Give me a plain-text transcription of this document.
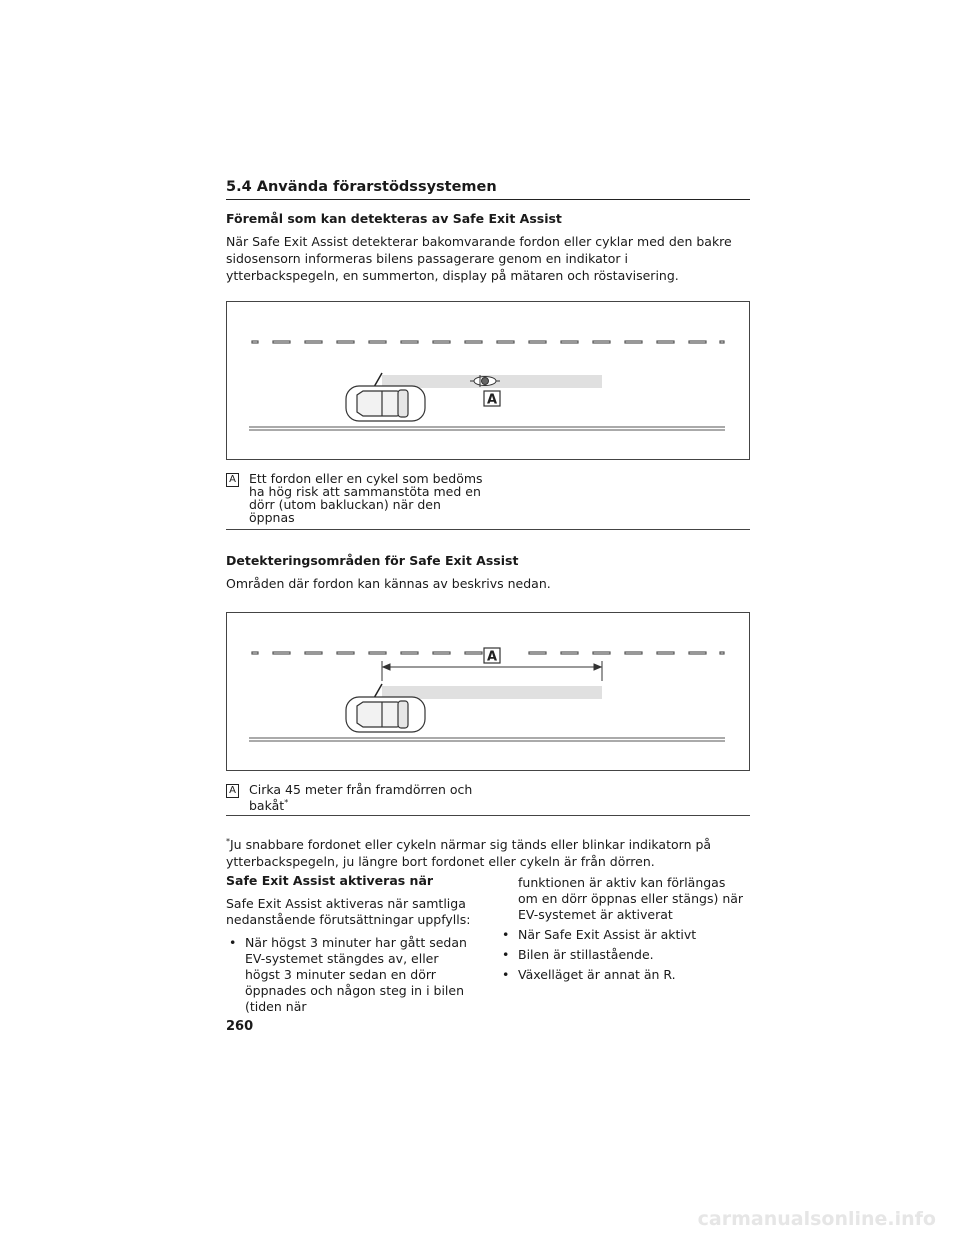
5.4 Använda förarstödssystemen
Föremål som kan detekteras av Safe Exit Assist

När Safe Exit Assist detekterar bakomvarande fordon eller cyklar med den bakre sidosensorn informeras bilens passagerare genom en indikator i ytterbackspegeln, en summerton, display på mätaren och röstavisering.

A
A Ett fordon eller en cykel som bedöms ha hög risk att sammanstöta med en dörr (utom bakluckan) när den öppnas
Detekteringsområden för Safe Exit Assist

Områden där fordon kan kännas av beskrivs nedan.

A
A Cirka 45 meter från framdörren och bakåt*

*Ju snabbare fordonet eller cykeln närmar sig tänds eller blinkar indikatorn på ytterbackspegeln, ju längre bort fordonet eller cykeln är från dörren.

Safe Exit Assist aktiveras när

Safe Exit Assist aktiveras när samtliga nedanstående förutsättningar uppfylls:

• När högst 3 minuter har gått sedan EV-systemet stängdes av, eller högst 3 minuter sedan en dörr öppnades och någon steg in i bilen (tiden när

funktionen är aktiv kan förlängas om en dörr öppnas eller stängs) när EV-systemet är aktiverat

• När Safe Exit Assist är aktivt
• Bilen är stillastående.
• Växelläget är annat än R.
260
carmanualsonline.info
